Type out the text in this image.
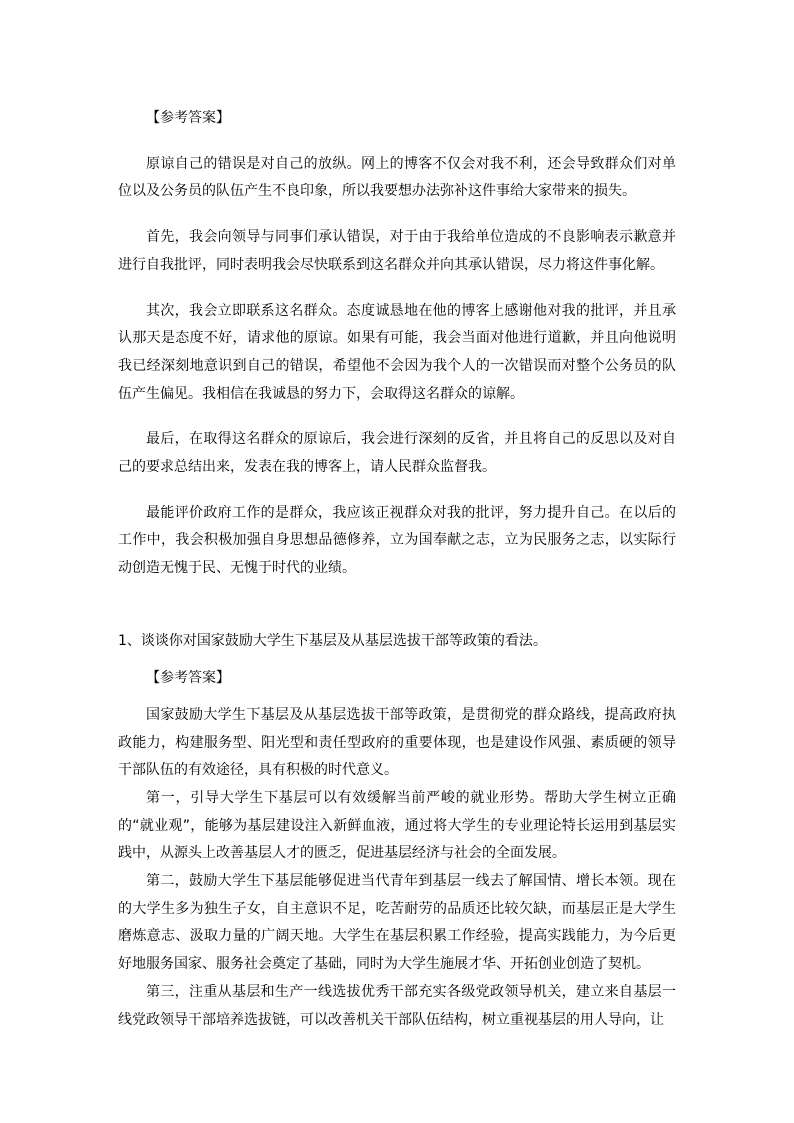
【参考答案】

原谅自己的错误是对自己的放纵。网上的博客不仅会对我不利，还会导致群众们对单位以及公务员的队伍产生不良印象，所以我要想办法弥补这件事给大家带来的损失。

首先，我会向领导与同事们承认错误，对于由于我给单位造成的不良影响表示歉意并进行自我批评，同时表明我会尽快联系到这名群众并向其承认错误，尽力将这件事化解。

其次，我会立即联系这名群众。态度诚恳地在他的博客上感谢他对我的批评，并且承认那天是态度不好，请求他的原谅。如果有可能，我会当面对他进行道歉，并且向他说明我已经深刻地意识到自己的错误，希望他不会因为我个人的一次错误而对整个公务员的队伍产生偏见。我相信在我诚恳的努力下，会取得这名群众的谅解。

最后，在取得这名群众的原谅后，我会进行深刻的反省，并且将自己的反思以及对自己的要求总结出来，发表在我的博客上，请人民群众监督我。

最能评价政府工作的是群众，我应该正视群众对我的批评，努力提升自己。在以后的工作中，我会积极加强自身思想品德修养，立为国奉献之志，立为民服务之志，以实际行动创造无愧于民、无愧于时代的业绩。

1、谈谈你对国家鼓励大学生下基层及从基层选拔干部等政策的看法。

【参考答案】

国家鼓励大学生下基层及从基层选拔干部等政策，是贯彻党的群众路线，提高政府执政能力，构建服务型、阳光型和责任型政府的重要体现，也是建设作风强、素质硬的领导干部队伍的有效途径，具有积极的时代意义。

第一，引导大学生下基层可以有效缓解当前严峻的就业形势。帮助大学生树立正确的“就业观”，能够为基层建设注入新鲜血液，通过将大学生的专业理论特长运用到基层实践中，从源头上改善基层人才的匮乏，促进基层经济与社会的全面发展。

第二，鼓励大学生下基层能够促进当代青年到基层一线去了解国情、增长本领。现在的大学生多为独生子女，自主意识不足，吃苦耐劳的品质还比较欠缺，而基层正是大学生磨炼意志、汲取力量的广阔天地。大学生在基层积累工作经验，提高实践能力，为今后更好地服务国家、服务社会奠定了基础，同时为大学生施展才华、开拓创业创造了契机。

第三，注重从基层和生产一线选拔优秀干部充实各级党政领导机关，建立来自基层一线党政领导干部培养选拔链，可以改善机关干部队伍结构，树立重视基层的用人导向，让
